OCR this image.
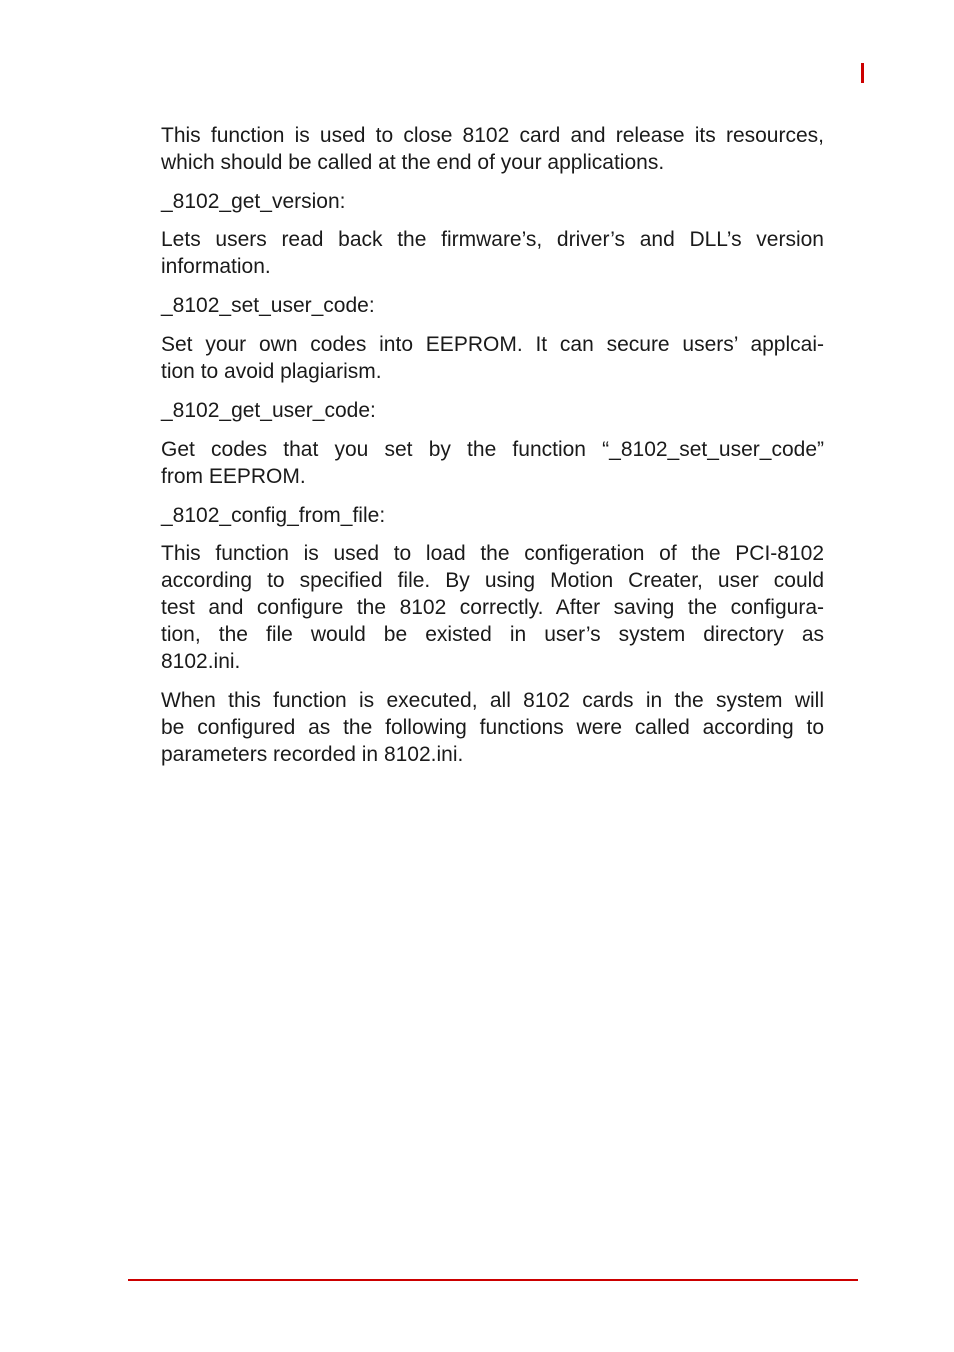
This function is used to close 8102 card and release its resources,
which should be called at the end of your applications.
_8102_get_version:
Lets users read back the firmware’s, driver’s and DLL’s version
information.
_8102_set_user_code:
Set your own codes into EEPROM. It can secure users’ applcai-
tion to avoid plagiarism.
_8102_get_user_code:
Get codes that you set by the function “_8102_set_user_code”
from EEPROM.
_8102_config_from_file:
This function is used to load the configeration of the PCI-8102
according to specified file. By using Motion Creater, user could
test and configure the 8102 correctly. After saving the configura-
tion, the file would be existed in user’s system directory as
8102.ini.
When this function is executed, all 8102 cards in the system will
be configured as the following functions were called according to
parameters recorded in 8102.ini.
